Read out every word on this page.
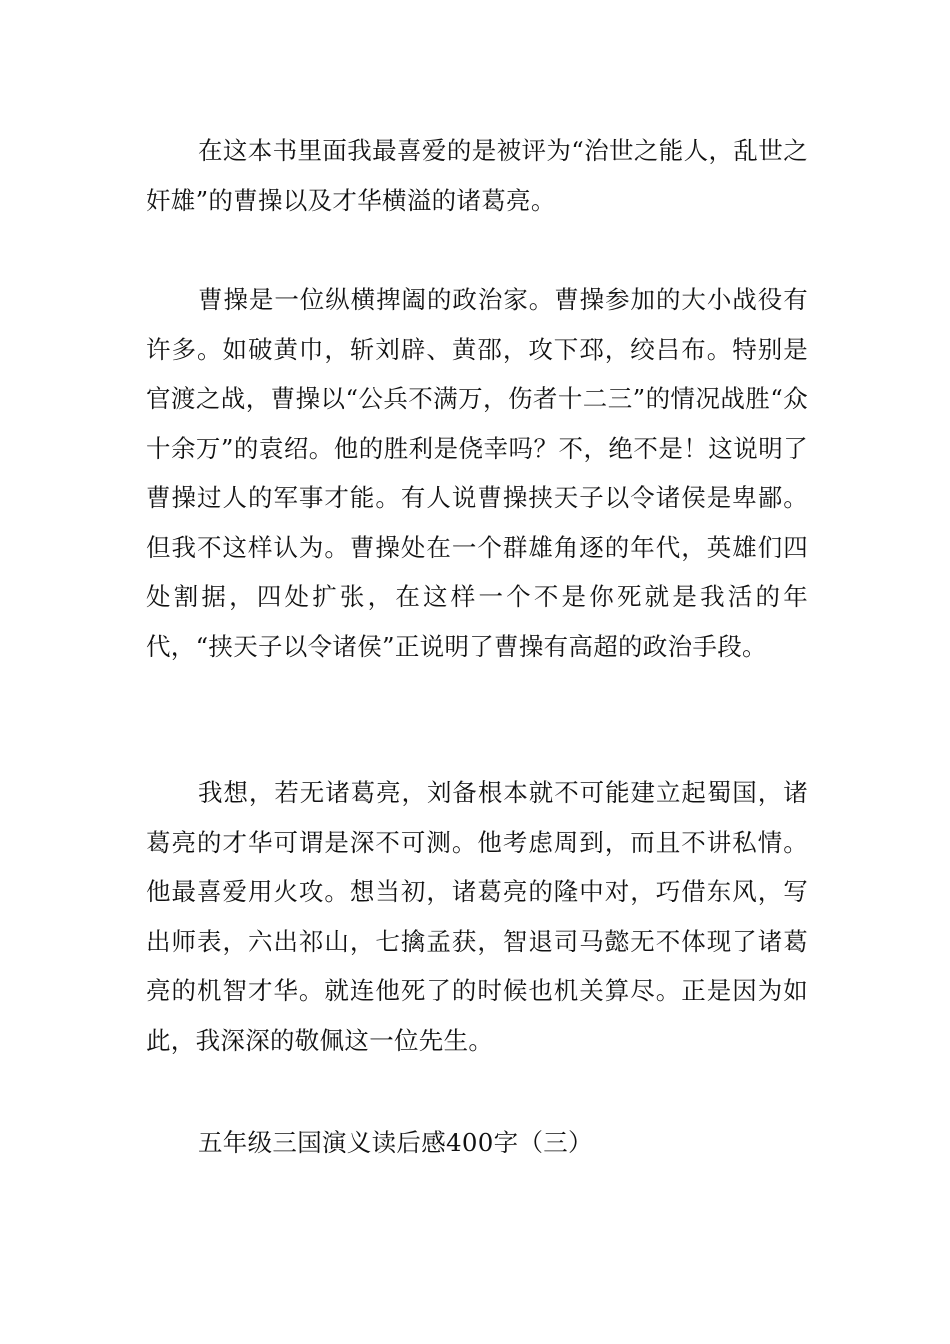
在这本书里面我最喜爱的是被评为“治世之能人，乱世之奸雄”的曹操以及才华横溢的诸葛亮。

曹操是一位纵横捭阖的政治家。曹操参加的大小战役有许多。如破黄巾，斩刘辟、黄邵，攻下邳，绞吕布。特别是官渡之战，曹操以“公兵不满万，伤者十二三”的情况战胜“众十余万”的袁绍。他的胜利是侥幸吗？不，绝不是！这说明了曹操过人的军事才能。有人说曹操挟天子以令诸侯是卑鄙。但我不这样认为。曹操处在一个群雄角逐的年代，英雄们四处割据，四处扩张，在这样一个不是你死就是我活的年代，“挟天子以令诸侯”正说明了曹操有高超的政治手段。

我想，若无诸葛亮，刘备根本就不可能建立起蜀国，诸葛亮的才华可谓是深不可测。他考虑周到，而且不讲私情。他最喜爱用火攻。想当初，诸葛亮的隆中对，巧借东风，写出师表，六出祁山，七擒孟获，智退司马懿无不体现了诸葛亮的机智才华。就连他死了的时候也机关算尽。正是因为如此，我深深的敬佩这一位先生。

五年级三国演义读后感400字（三）
